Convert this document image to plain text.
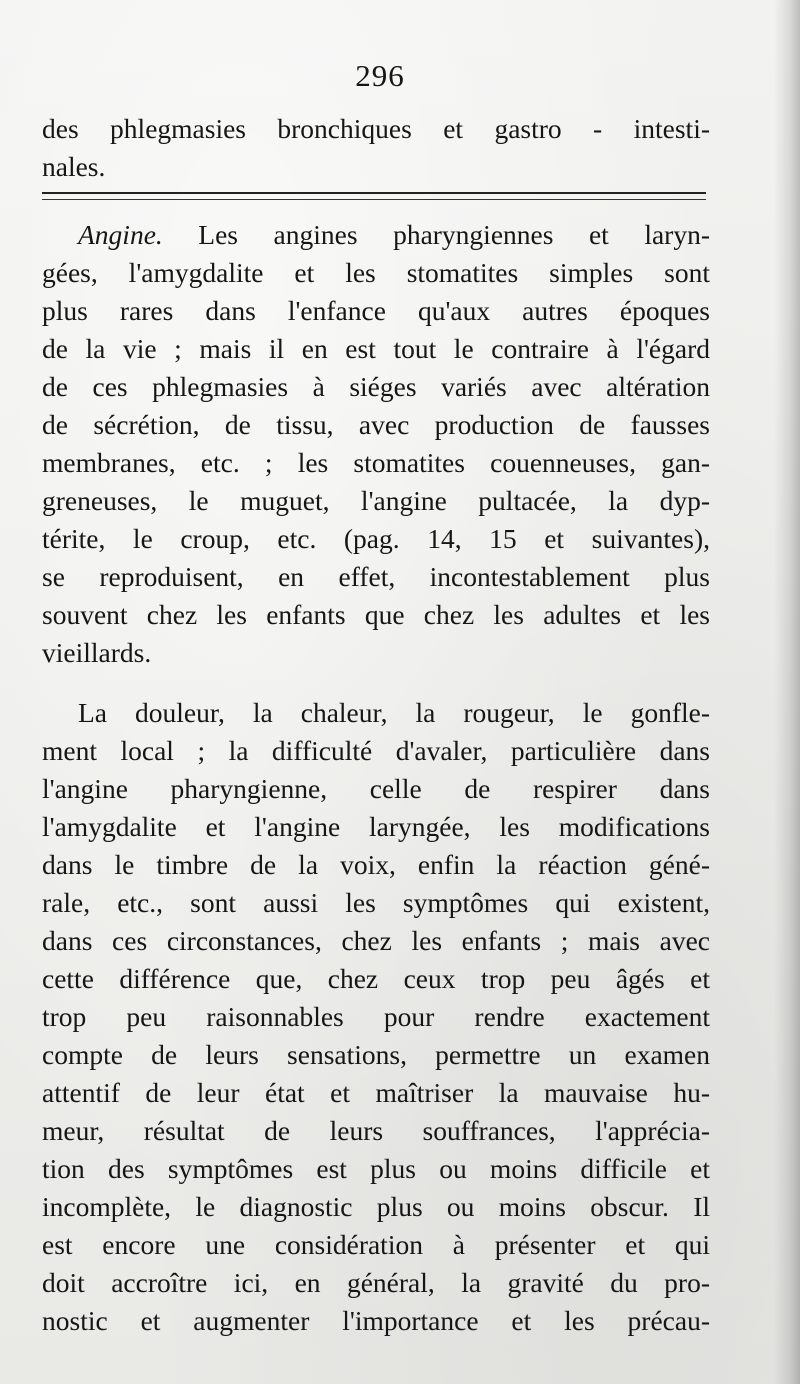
296
des phlegmasies bronchiques et gastro - intesti-
nales.
Angine. Les angines pharyngiennes et laryn-
gées, l'amygdalite et les stomatites simples sont
plus rares dans l'enfance qu'aux autres époques
de la vie ; mais il en est tout le contraire à l'égard
de ces phlegmasies à siéges variés avec altération
de sécrétion, de tissu, avec production de fausses
membranes, etc. ; les stomatites couenneuses, gan-
greneuses, le muguet, l'angine pultacée, la dyp-
térite, le croup, etc. (pag. 14, 15 et suivantes),
se reproduisent, en effet, incontestablement plus
souvent chez les enfants que chez les adultes et les
vieillards.
La douleur, la chaleur, la rougeur, le gonfle-
ment local ; la difficulté d'avaler, particulière dans
l'angine pharyngienne, celle de respirer dans
l'amygdalite et l'angine laryngée, les modifications
dans le timbre de la voix, enfin la réaction géné-
rale, etc., sont aussi les symptômes qui existent,
dans ces circonstances, chez les enfants ; mais avec
cette différence que, chez ceux trop peu âgés et
trop peu raisonnables pour rendre exactement
compte de leurs sensations, permettre un examen
attentif de leur état et maîtriser la mauvaise hu-
meur, résultat de leurs souffrances, l'apprécia-
tion des symptômes est plus ou moins difficile et
incomplète, le diagnostic plus ou moins obscur. Il
est encore une considération à présenter et qui
doit accroître ici, en général, la gravité du pro-
nostic et augmenter l'importance et les précau-
